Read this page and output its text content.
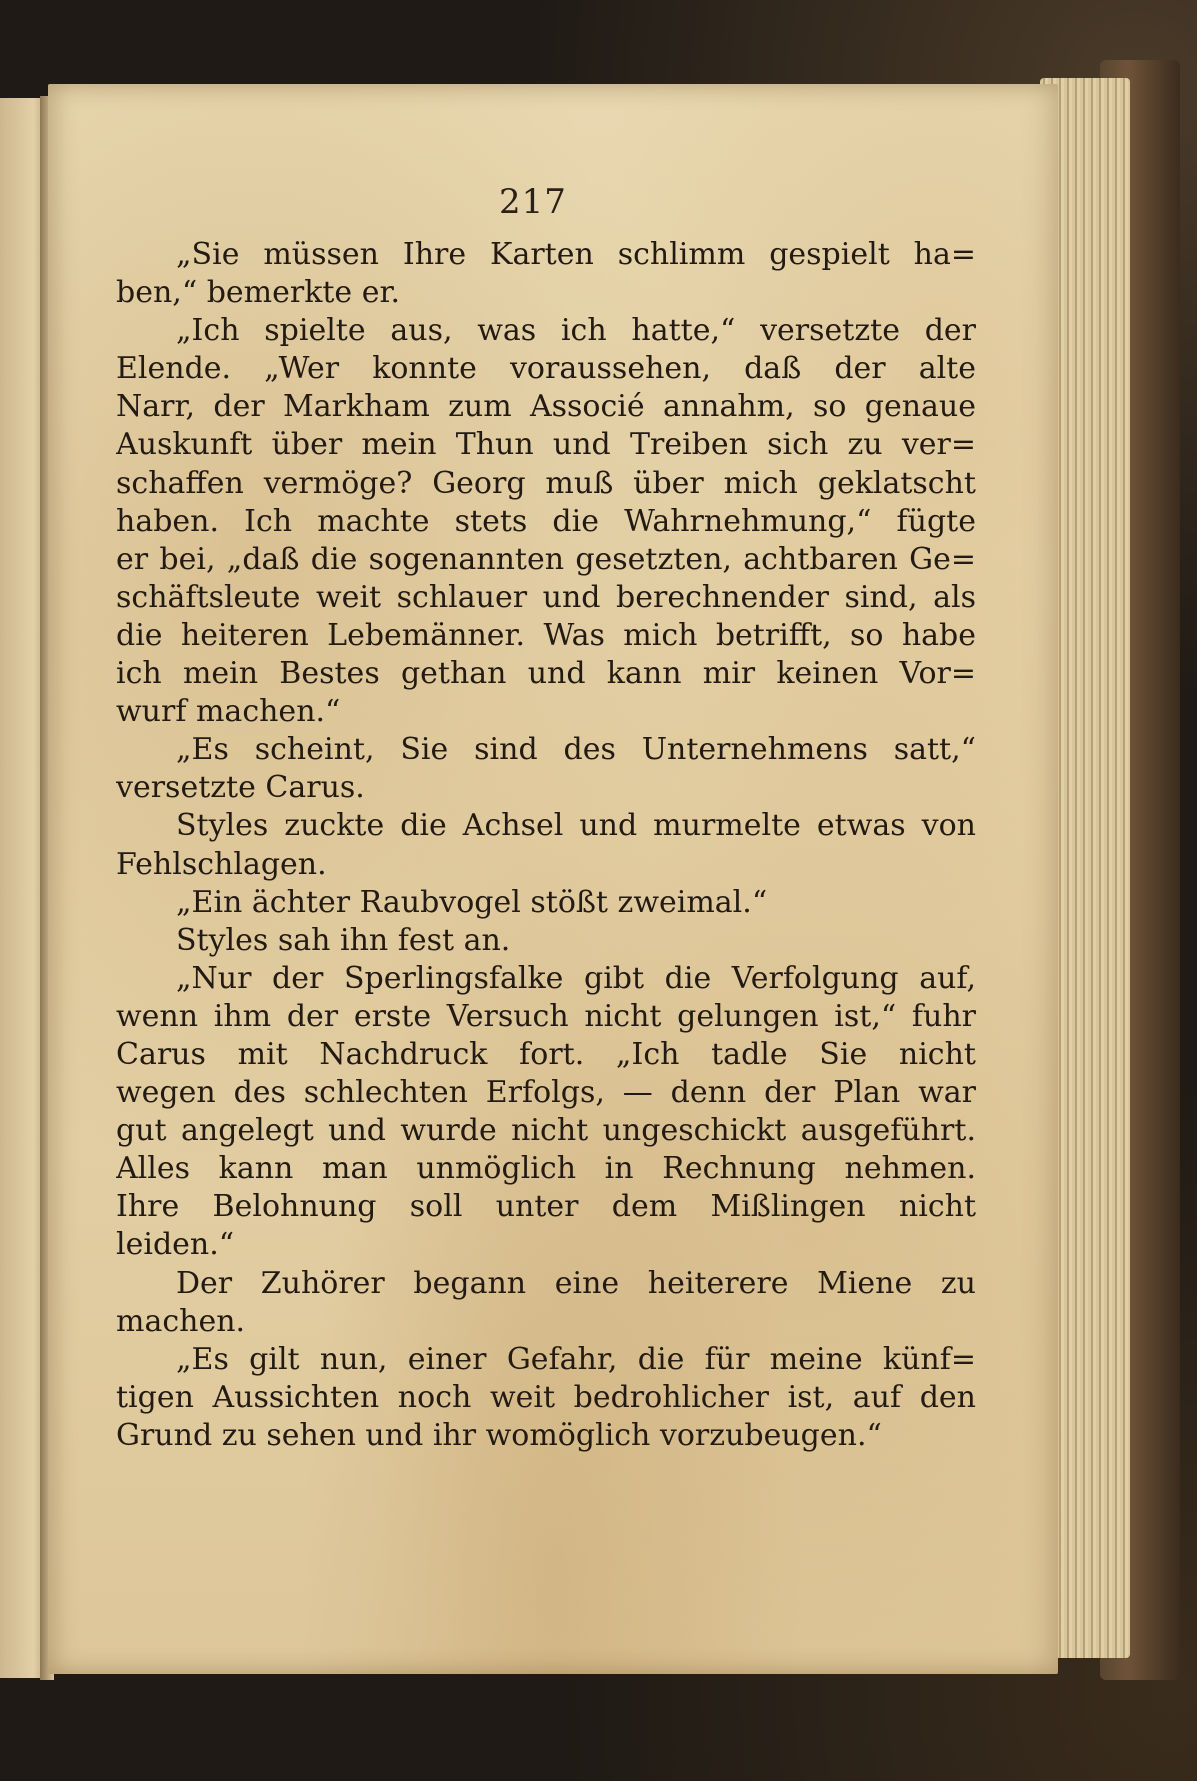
217
„Sie müssen Ihre Karten schlimm gespielt ha=
ben,“ bemerkte er.
„Ich spielte aus, was ich hatte,“ versetzte der
Elende. „Wer konnte voraussehen, daß der alte
Narr, der Markham zum Associé annahm, so genaue
Auskunft über mein Thun und Treiben sich zu ver=
schaffen vermöge? Georg muß über mich geklatscht
haben. Ich machte stets die Wahrnehmung,“ fügte
er bei, „daß die sogenannten gesetzten, achtbaren Ge=
schäftsleute weit schlauer und berechnender sind, als
die heiteren Lebemänner. Was mich betrifft, so habe
ich mein Bestes gethan und kann mir keinen Vor=
wurf machen.“
„Es scheint, Sie sind des Unternehmens satt,“
versetzte Carus.
Styles zuckte die Achsel und murmelte etwas von
Fehlschlagen.
„Ein ächter Raubvogel stößt zweimal.“
Styles sah ihn fest an.
„Nur der Sperlingsfalke gibt die Verfolgung auf,
wenn ihm der erste Versuch nicht gelungen ist,“ fuhr
Carus mit Nachdruck fort. „Ich tadle Sie nicht
wegen des schlechten Erfolgs, — denn der Plan war
gut angelegt und wurde nicht ungeschickt ausgeführt.
Alles kann man unmöglich in Rechnung nehmen.
Ihre Belohnung soll unter dem Mißlingen nicht
leiden.“
Der Zuhörer begann eine heiterere Miene zu
machen.
„Es gilt nun, einer Gefahr, die für meine künf=
tigen Aussichten noch weit bedrohlicher ist, auf den
Grund zu sehen und ihr womöglich vorzubeugen.“
